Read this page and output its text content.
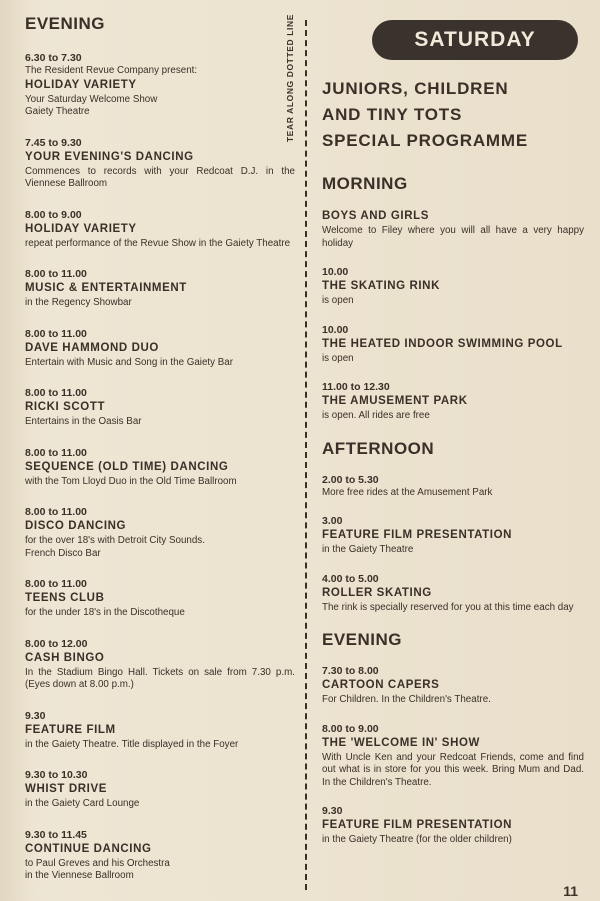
EVENING
6.30 to 7.30
The Resident Revue Company present:
HOLIDAY VARIETY
Your Saturday Welcome Show
Gaiety Theatre
7.45 to 9.30
YOUR EVENING'S DANCING
Commences to records with your Redcoat D.J. in the Viennese Ballroom
8.00 to 9.00
HOLIDAY VARIETY
repeat performance of the Revue Show in the Gaiety Theatre
8.00 to 11.00
MUSIC & ENTERTAINMENT
in the Regency Showbar
8.00 to 11.00
DAVE HAMMOND DUO
Entertain with Music and Song in the Gaiety Bar
8.00 to 11.00
RICKI SCOTT
Entertains in the Oasis Bar
8.00 to 11.00
SEQUENCE (OLD TIME) DANCING
with the Tom Lloyd Duo in the Old Time Ballroom
8.00 to 11.00
DISCO DANCING
for the over 18's with Detroit City Sounds.
French Disco Bar
8.00 to 11.00
TEENS CLUB
for the under 18's in the Discotheque
8.00 to 12.00
CASH BINGO
In the Stadium Bingo Hall. Tickets on sale from 7.30 p.m. (Eyes down at 8.00 p.m.)
9.30
FEATURE FILM
in the Gaiety Theatre. Title displayed in the Foyer
9.30 to 10.30
WHIST DRIVE
in the Gaiety Card Lounge
9.30 to 11.45
CONTINUE DANCING
to Paul Greves and his Orchestra
in the Viennese Ballroom
TEAR ALONG DOTTED LINE	SATURDAY
JUNIORS, CHILDREN
AND TINY TOTS
SPECIAL PROGRAMME
MORNING
BOYS AND GIRLS
Welcome to Filey where you will all have a very happy holiday
10.00
THE SKATING RINK
is open
10.00
THE HEATED INDOOR SWIMMING POOL
is open
11.00 to 12.30
THE AMUSEMENT PARK
is open. All rides are free
AFTERNOON
2.00 to 5.30
More free rides at the Amusement Park
3.00
FEATURE FILM PRESENTATION
in the Gaiety Theatre
4.00 to 5.00
ROLLER SKATING
The rink is specially reserved for you at this time each day
EVENING
7.30 to 8.00
CARTOON CAPERS
For Children. In the Children's Theatre.
8.00 to 9.00
THE 'WELCOME IN' SHOW
With Uncle Ken and your Redcoat Friends, come and find out what is in store for you this week. Bring Mum and Dad. In the Children's Theatre.
9.30
FEATURE FILM PRESENTATION
in the Gaiety Theatre (for the older children)
11
